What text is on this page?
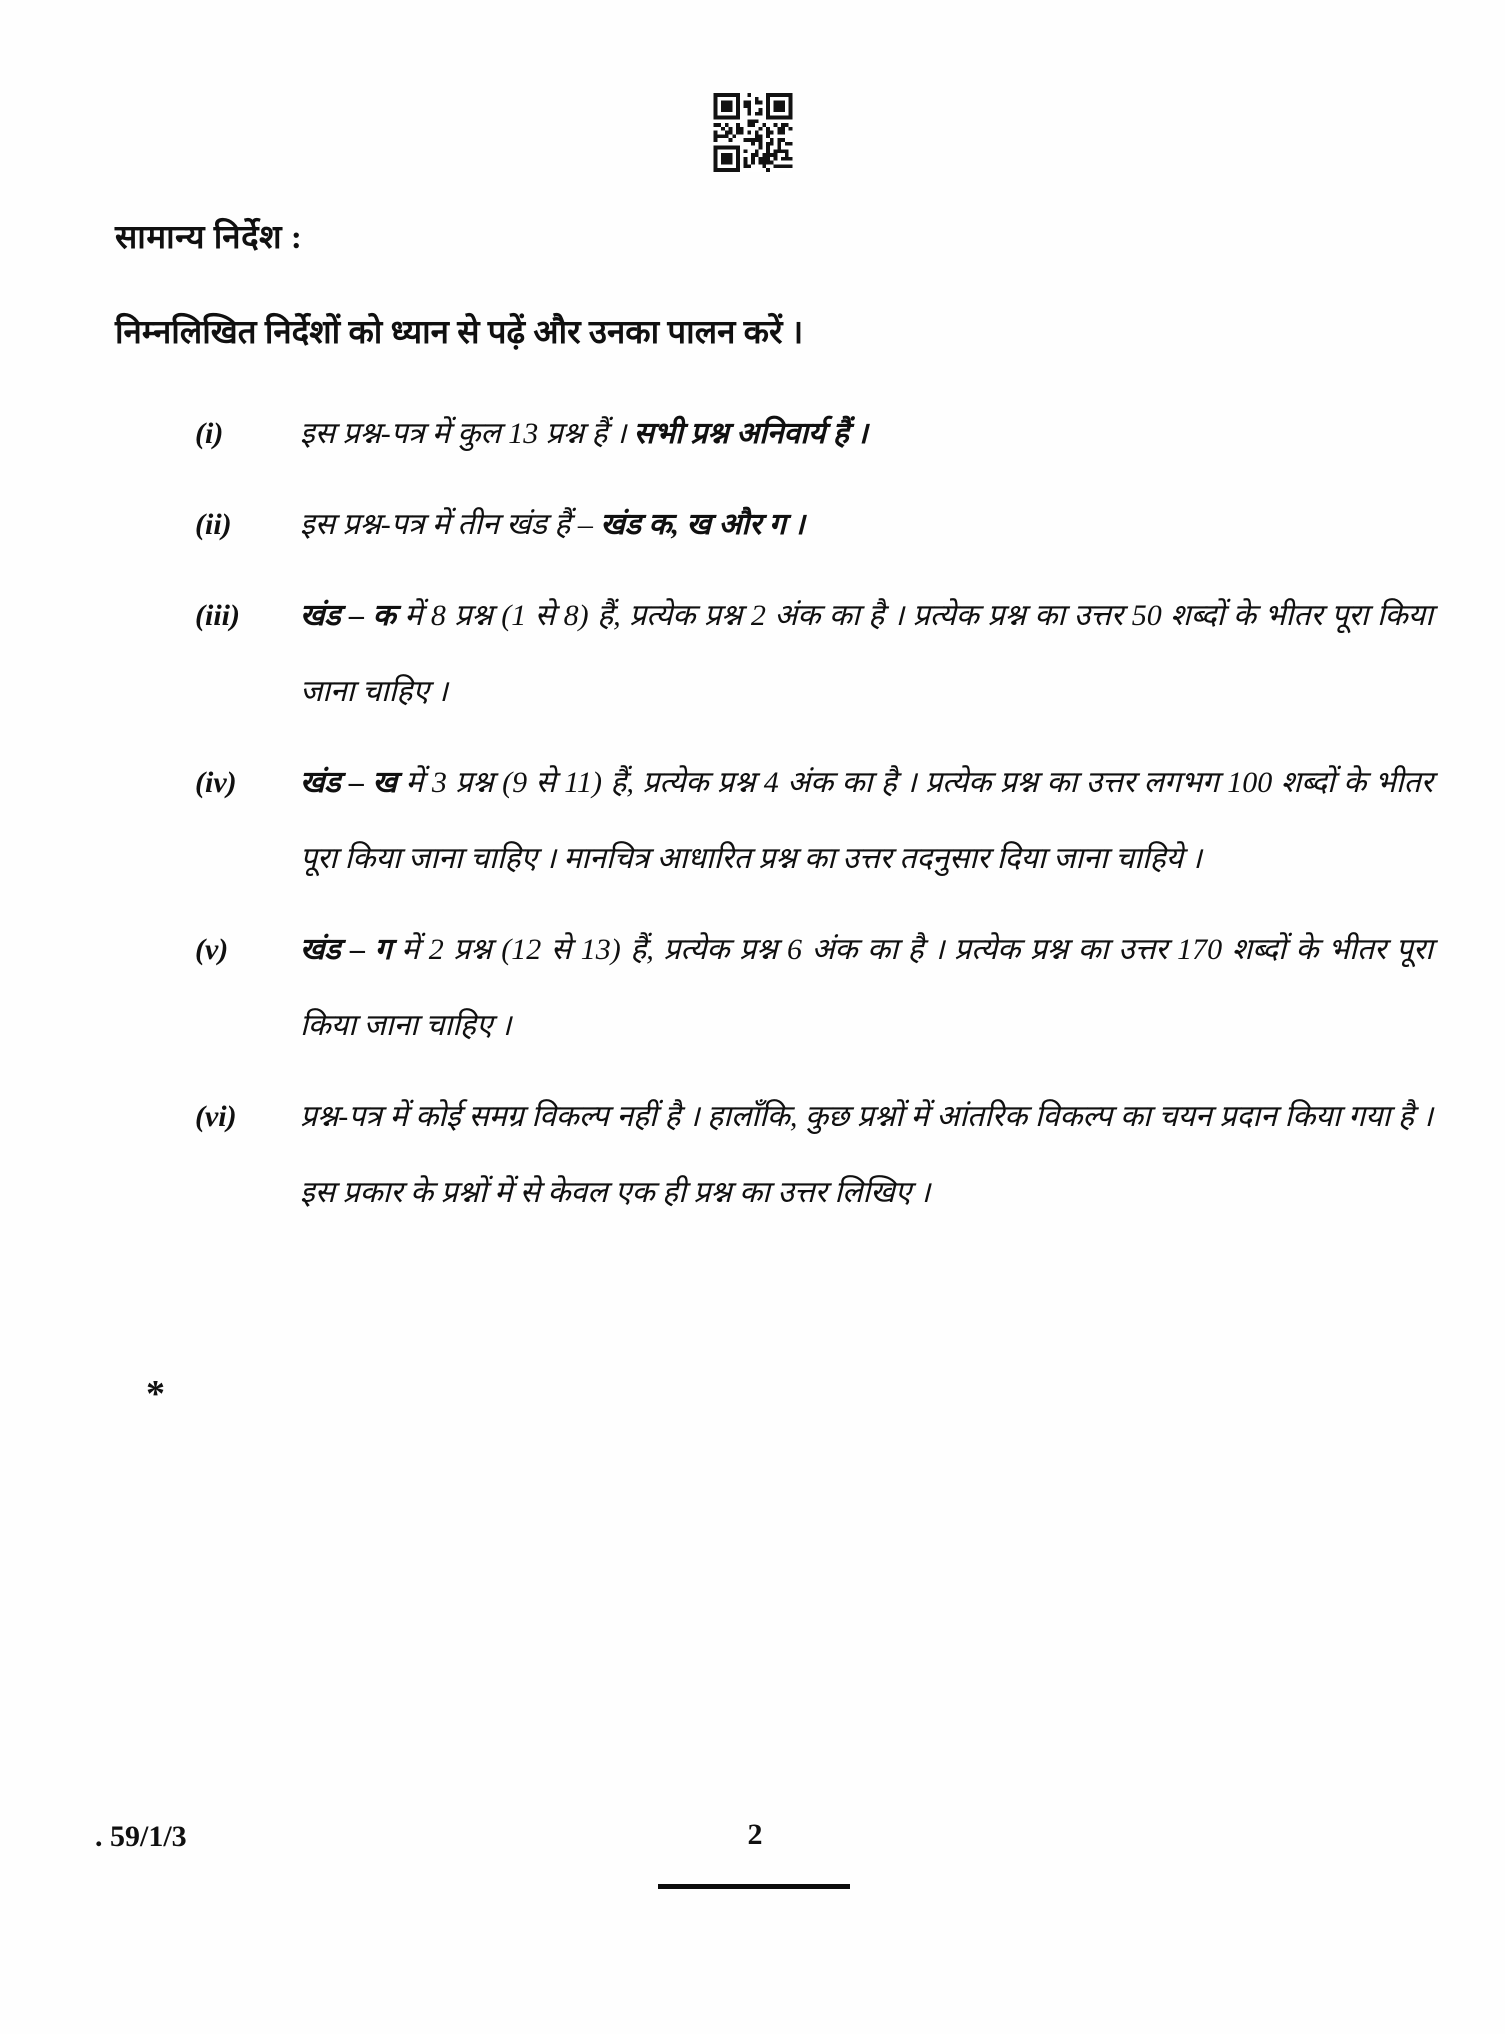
सामान्य निर्देश :
निम्नलिखित निर्देशों को ध्यान से पढ़ें और उनका पालन करें ।
(i)	इस प्रश्न-पत्र में कुल 13 प्रश्न हैं । सभी प्रश्न अनिवार्य हैं ।
(ii)	इस प्रश्न-पत्र में तीन खंड हैं – खंड क, ख और ग ।
(iii)	खंड – क में 8 प्रश्न (1 से 8) हैं, प्रत्येक प्रश्न 2 अंक का है । प्रत्येक प्रश्न का उत्तर 50 शब्दों के भीतर पूरा किया जाना चाहिए ।
(iv)	खंड – ख में 3 प्रश्न (9 से 11) हैं, प्रत्येक प्रश्न 4 अंक का है । प्रत्येक प्रश्न का उत्तर लगभग 100 शब्दों के भीतर पूरा किया जाना चाहिए । मानचित्र आधारित प्रश्न का उत्तर तदनुसार दिया जाना चाहिये ।
(v)	खंड – ग में 2 प्रश्न (12 से 13) हैं, प्रत्येक प्रश्न 6 अंक का है । प्रत्येक प्रश्न का उत्तर 170 शब्दों के भीतर पूरा किया जाना चाहिए ।
(vi)	प्रश्न-पत्र में कोई समग्र विकल्प नहीं है । हालाँकि, कुछ प्रश्नों में आंतरिक विकल्प का चयन प्रदान किया गया है । इस प्रकार के प्रश्नों में से केवल एक ही प्रश्न का उत्तर लिखिए ।
*
. 59/1/3	2
